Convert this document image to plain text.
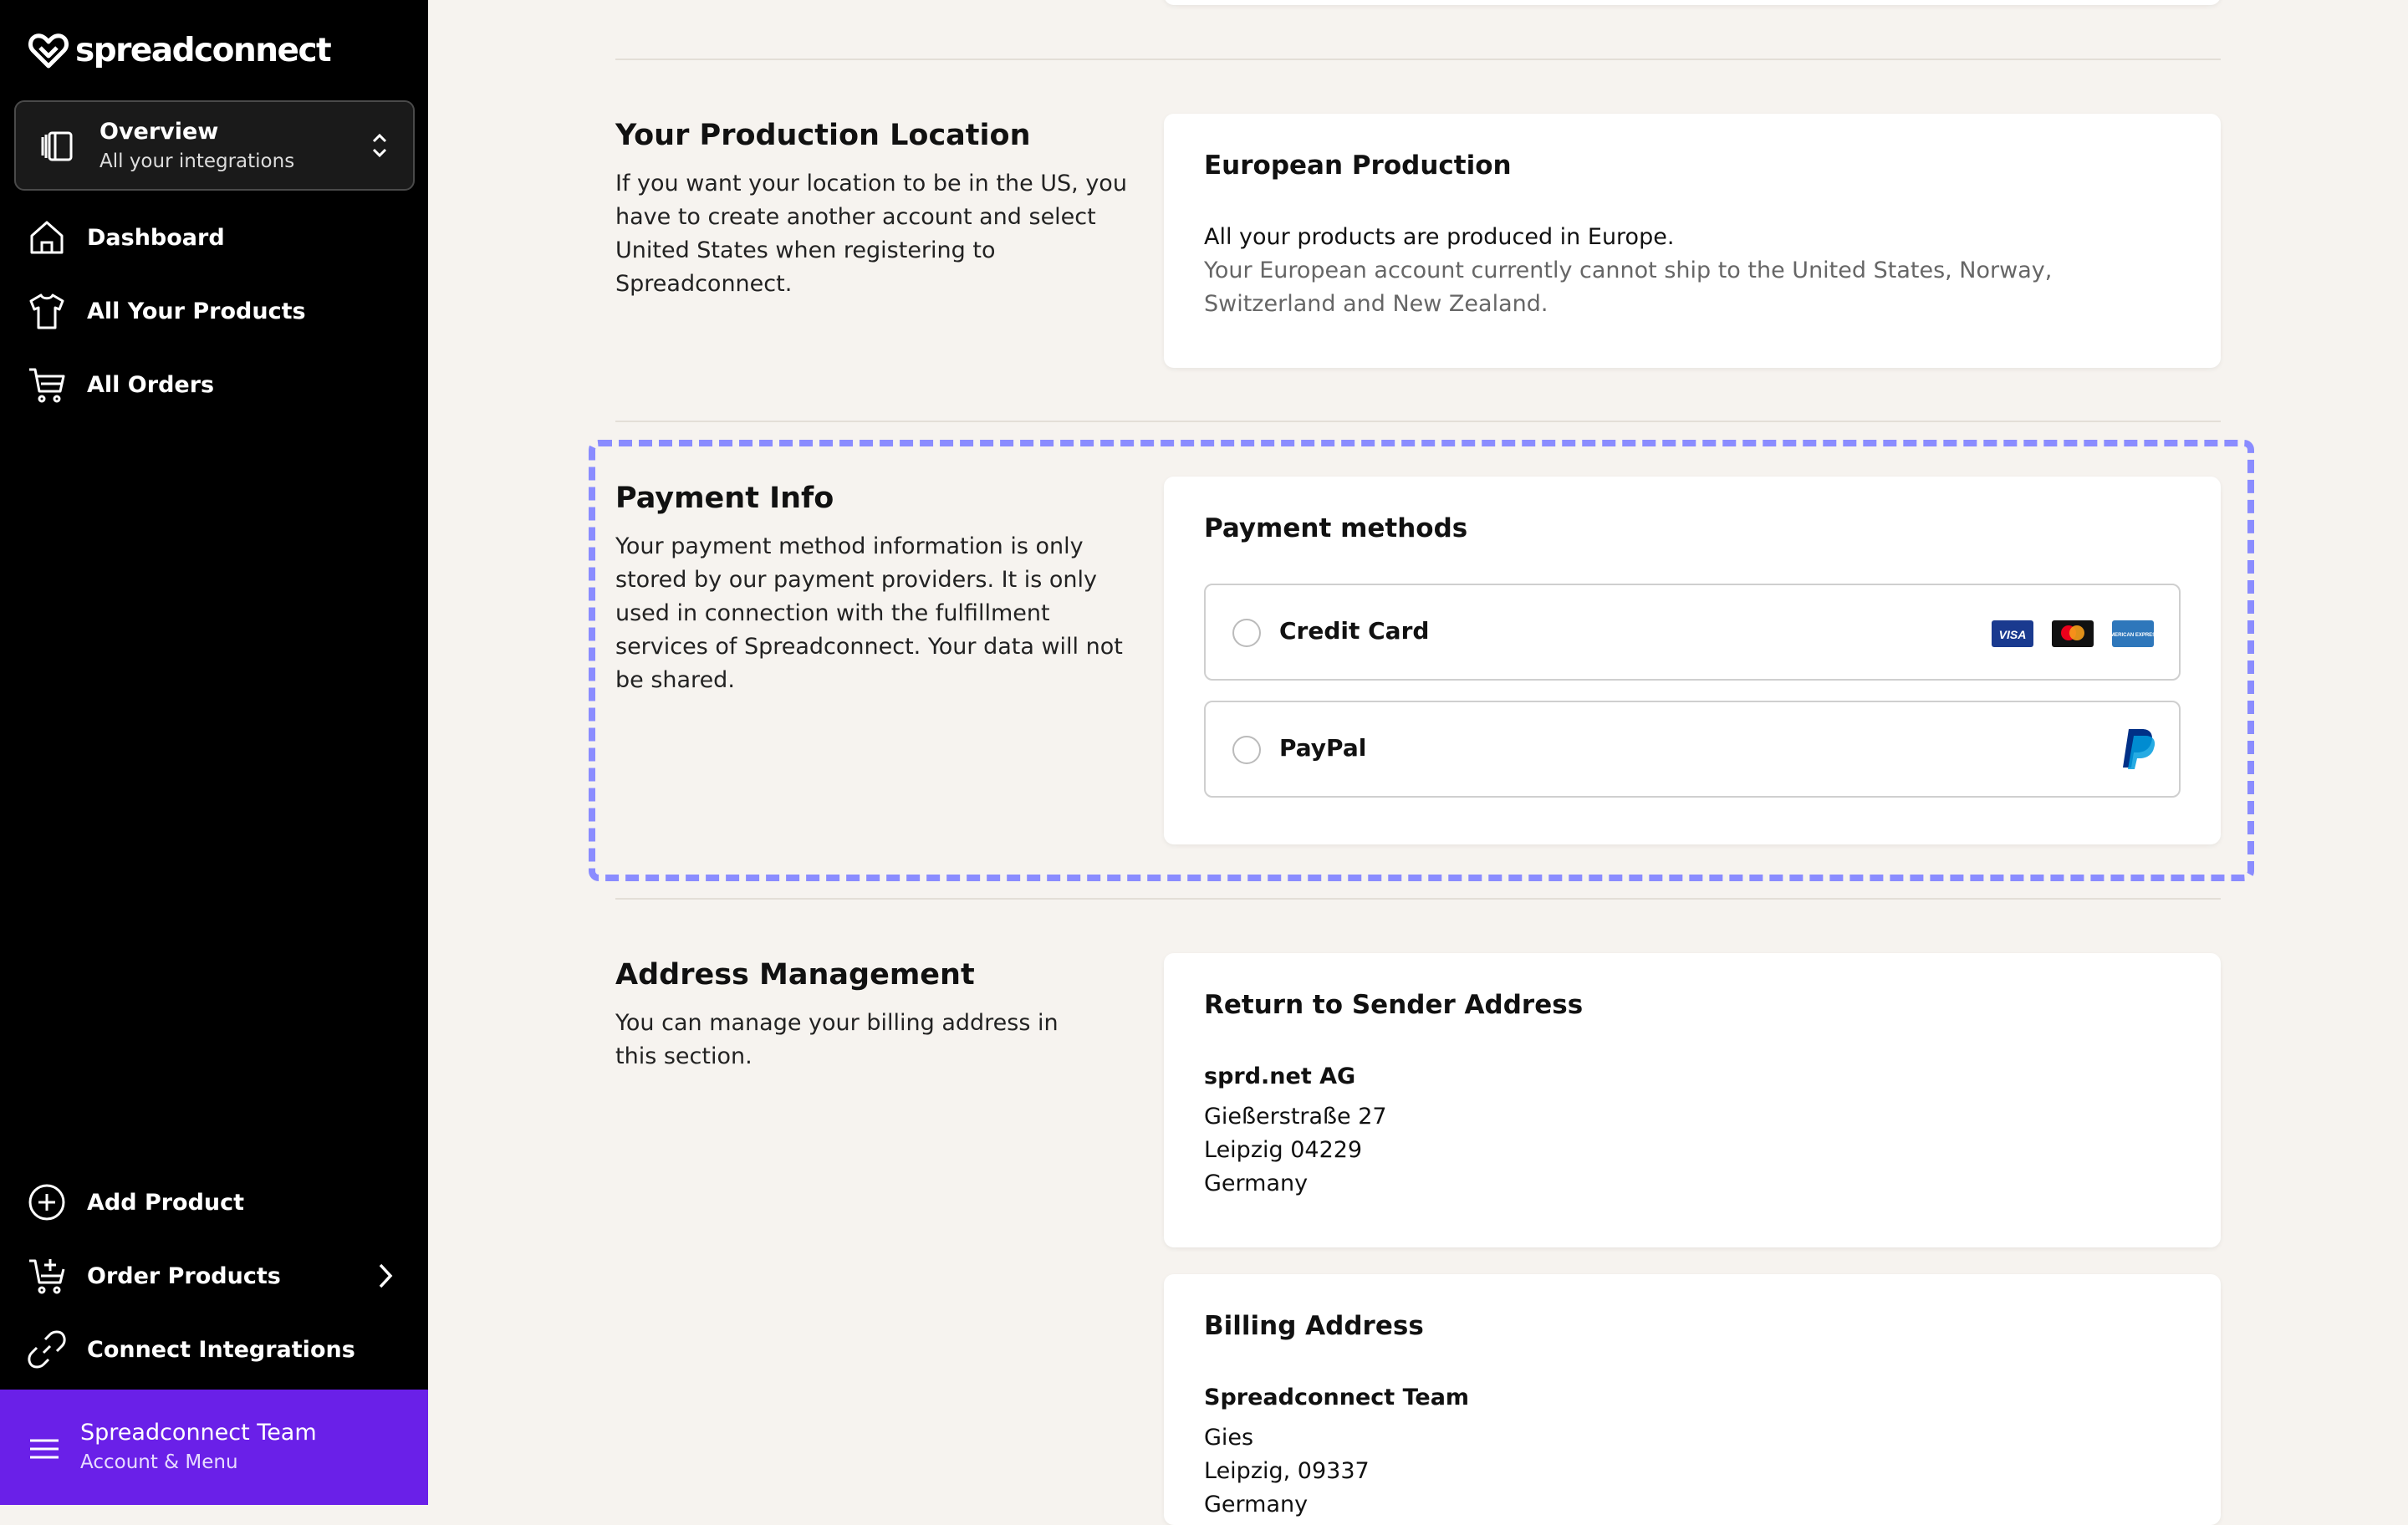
spreadconnect
Overview
All your integrations
Dashboard
All Your Products
All Orders
Add Product
Order Products
Connect Integrations
Spreadconnect Team
Account & Menu
Your Production Location
If you want your location to be in the US, you have to create another account and select United States when registering to Spreadconnect.
European Production
All your products are produced in Europe.
Your European account currently cannot ship to the United States, Norway, Switzerland and New Zealand.
Payment Info
Your payment method information is only stored by our payment providers. It is only used in connection with the fulfillment services of Spreadconnect. Your data will not be shared.
Payment methods
Credit Card	VISA	AMERICAN EXPRESS
PayPal
Address Management
You can manage your billing address in this section.
Return to Sender Address
sprd.net AG
Gießerstraße 27
Leipzig 04229
Germany
Billing Address
Spreadconnect Team
Gies
Leipzig, 09337
Germany
